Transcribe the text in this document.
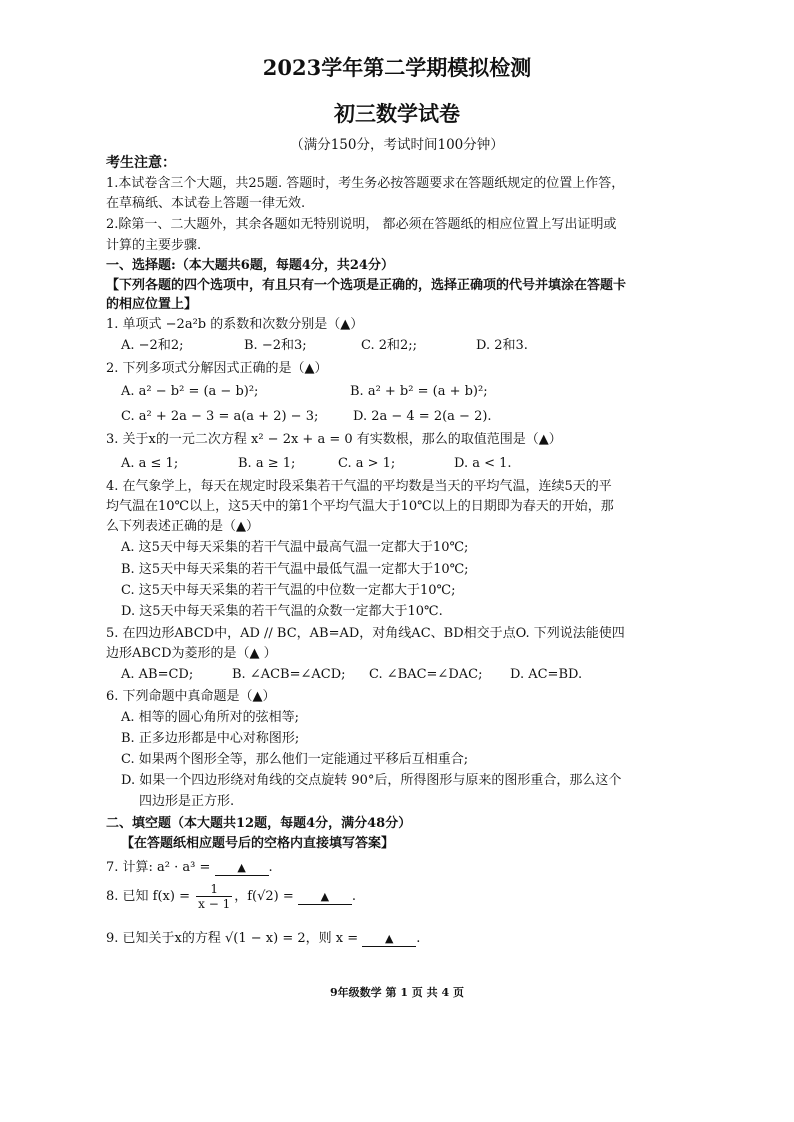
2023学年第二学期模拟检测
初三数学试卷
（满分150分，考试时间100分钟）
考生注意：
1.本试卷含三个大题，共25题. 答题时，考生务必按答题要求在答题纸规定的位置上作答，
在草稿纸、本试卷上答题一律无效.
2.除第一、二大题外，其余各题如无特别说明， 都必须在答题纸的相应位置上写出证明或
计算的主要步骤.
一、选择题:（本大题共6题，每题4分，共24分）
【下列各题的四个选项中，有且只有一个选项是正确的，选择正确项的代号并填涂在答题卡
的相应位置上】
1. 单项式 −2a²b 的系数和次数分别是（▲）
A. −2和2;	B. −2和3;	C. 2和2;;	D. 2和3.
2. 下列多项式分解因式正确的是（▲）
A. a² − b² = (a − b)²;	B. a² + b² = (a + b)²;
C. a² + 2a − 3 = a(a + 2) − 3;	D. 2a − 4 = 2(a − 2).
3. 关于x的一元二次方程 x² − 2x + a = 0 有实数根，那么的取值范围是（▲）
A. a ≤ 1;	B. a ≥ 1;	C. a > 1;	D. a < 1.
4. 在气象学上，每天在规定时段采集若干气温的平均数是当天的平均气温，连续5天的平
均气温在10℃以上，这5天中的第1个平均气温大于10℃以上的日期即为春天的开始，那
么下列表述正确的是（▲）
A. 这5天中每天采集的若干气温中最高气温一定都大于10℃;
B. 这5天中每天采集的若干气温中最低气温一定都大于10℃;
C. 这5天中每天采集的若干气温的中位数一定都大于10℃;
D. 这5天中每天采集的若干气温的众数一定都大于10℃.
5. 在四边形ABCD中，AD // BC，AB=AD，对角线AC、BD相交于点O. 下列说法能使四
边形ABCD为菱形的是（▲ ）
A. AB=CD;	B. ∠ACB=∠ACD; C. ∠BAC=∠DAC; D. AC=BD.
6. 下列命题中真命题是（▲）
A. 相等的圆心角所对的弦相等;
B. 正多边形都是中心对称图形;
C. 如果两个图形全等，那么他们一定能通过平移后互相重合;
D. 如果一个四边形绕对角线的交点旋转 90°后，所得图形与原来的图形重合，那么这个
四边形是正方形.
二、填空题（本大题共12题，每题4分，满分48分）
【在答题纸相应题号后的空格内直接填写答案】
7. 计算: a² · a³ = ▲ .
8. 已知 $f(x) = \frac{1}{x - 1}$ ，f(√2) = ▲ .
9. 已知关于x的方程 √(1 − x) = 2，则 x = ▲ .
9年级数学 第 1 页 共 4 页
